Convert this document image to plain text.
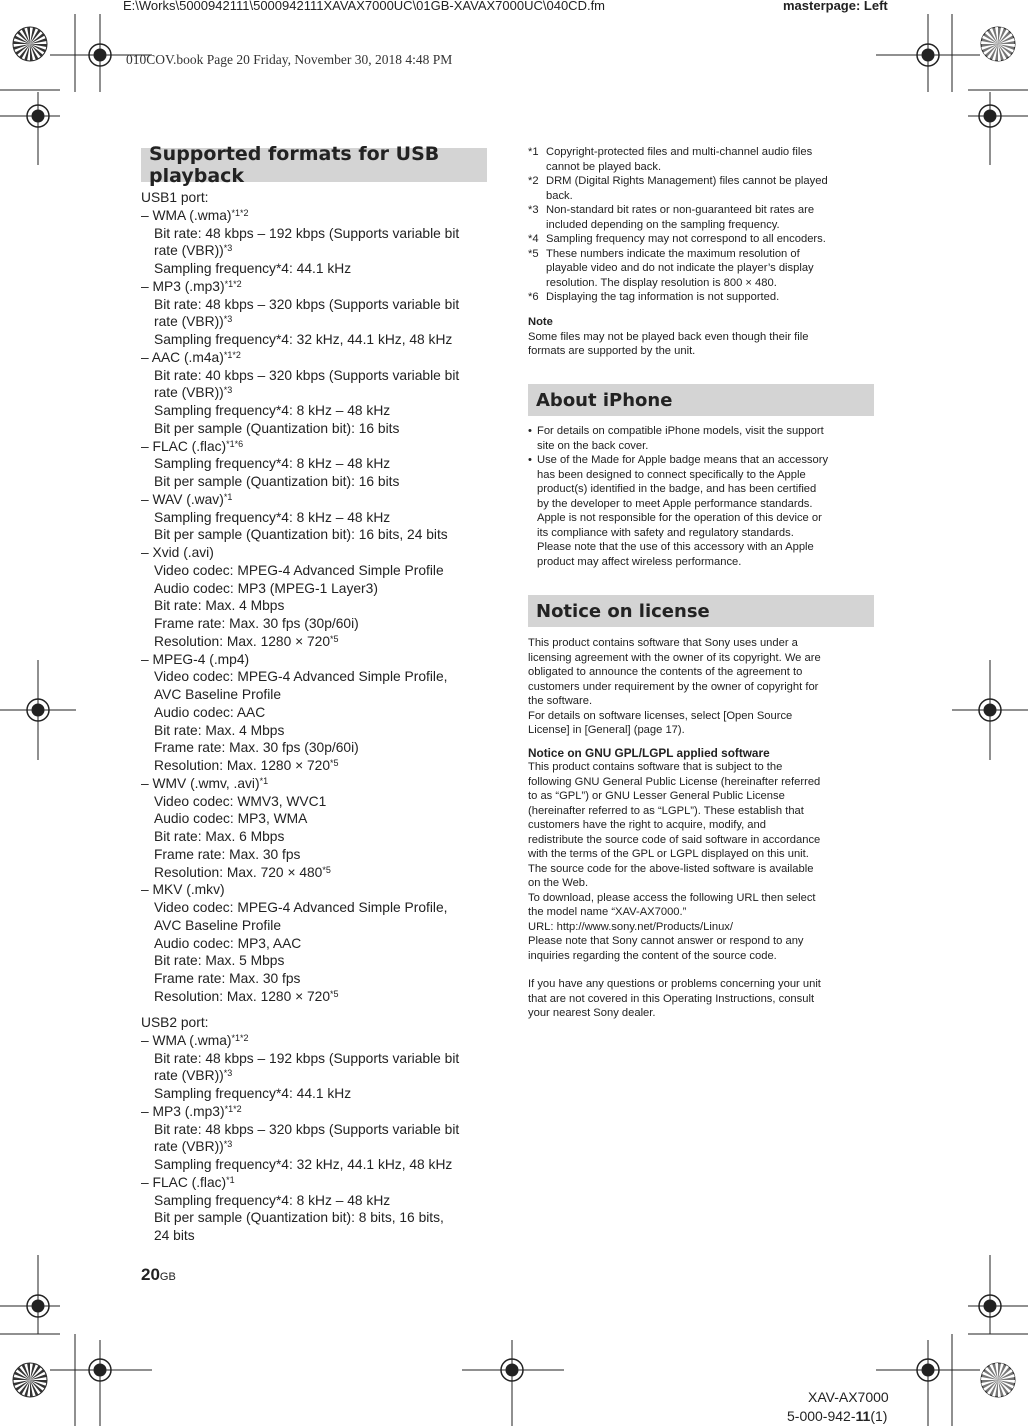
E:\Works\5000942111\5000942111XAVAX7000UC\01GB-XAVAX7000UC\040CD.fm	masterpage: Left
010COV.book Page 20 Friday, November 30, 2018 4:48 PM
Supported formats for USB playback
USB1 port:
– WMA $(.wma)^{*1*2}$
Bit rate: 48 kbps – 192 kbps (Supports variable bit
rate (VBR))$^{*3}$
Sampling frequency*4: 44.1 kHz
– MP3 $(.mp3)^{*1*2}$
Bit rate: 48 kbps – 320 kbps (Supports variable bit
rate (VBR))$^{*3}$
Sampling frequency*4: 32 kHz, 44.1 kHz, 48 kHz
– AAC $(.m4a)^{*1*2}$
Bit rate: 40 kbps – 320 kbps (Supports variable bit
rate (VBR))$^{*3}$
Sampling frequency*4: 8 kHz – 48 kHz
Bit per sample (Quantization bit): 16 bits
– FLAC (.flac)$^{*1*6}$
Sampling frequency*4: 8 kHz – 48 kHz
Bit per sample (Quantization bit): 16 bits
– WAV $(.wav)^{*1}$
Sampling frequency*4: 8 kHz – 48 kHz
Bit per sample (Quantization bit): 16 bits, 24 bits
– Xvid (.avi)
Video codec: MPEG-4 Advanced Simple Profile
Audio codec: MP3 (MPEG-1 Layer3)
Bit rate: Max. 4 Mbps
Frame rate: Max. 30 fps (30p/60i)
Resolution: Max. $1280 \times 720^{*5}$
– MPEG-4 (.mp4)
Video codec: MPEG-4 Advanced Simple Profile,
AVC Baseline Profile
Audio codec: AAC
Bit rate: Max. 4 Mbps
Frame rate: Max. 30 fps (30p/60i)
Resolution: Max. $1280 \times 720^{*5}$
– WMV (.wmv, .avi)$^{*1}$
Video codec: WMV3, WVC1
Audio codec: MP3, WMA
Bit rate: Max. 6 Mbps
Frame rate: Max. 30 fps
Resolution: Max. $720 \times 480^{*5}$
– MKV (.mkv)
Video codec: MPEG-4 Advanced Simple Profile,
AVC Baseline Profile
Audio codec: MP3, AAC
Bit rate: Max. 5 Mbps
Frame rate: Max. 30 fps
Resolution: Max. $1280 \times 720^{*5}$
USB2 port:
– WMA $(.wma)^{*1*2}$
Bit rate: 48 kbps – 192 kbps (Supports variable bit
rate (VBR))$^{*3}$
Sampling frequency*4: 44.1 kHz
– MP3 $(.mp3)^{*1*2}$
Bit rate: 48 kbps – 320 kbps (Supports variable bit
rate (VBR))$^{*3}$
Sampling frequency*4: 32 kHz, 44.1 kHz, 48 kHz
– FLAC (.flac)$^{*1}$
Sampling frequency*4: 8 kHz – 48 kHz
Bit per sample (Quantization bit): 8 bits, 16 bits,
24 bits
20GB
*1 Copyright-protected files and multi-channel audio files
cannot be played back.
*2 DRM (Digital Rights Management) files cannot be played
back.
*3 Non-standard bit rates or non-guaranteed bit rates are
included depending on the sampling frequency.
*4 Sampling frequency may not correspond to all encoders.
*5 These numbers indicate the maximum resolution of
playable video and do not indicate the player’s display
resolution. The display resolution is 800 × 480.
*6 Displaying the tag information is not supported.
Note
Some files may not be played back even though their file
formats are supported by the unit.
About iPhone
• For details on compatible iPhone models, visit the support
site on the back cover.
• Use of the Made for Apple badge means that an accessory
has been designed to connect specifically to the Apple
product(s) identified in the badge, and has been certified
by the developer to meet Apple performance standards.
Apple is not responsible for the operation of this device or
its compliance with safety and regulatory standards.
Please note that the use of this accessory with an Apple
product may affect wireless performance.
Notice on license
This product contains software that Sony uses under a
licensing agreement with the owner of its copyright. We are
obligated to announce the contents of the agreement to
customers under requirement by the owner of copyright for
the software.
For details on software licenses, select [Open Source
License] in [General] (page 17).
Notice on GNU GPL/LGPL applied software
This product contains software that is subject to the
following GNU General Public License (hereinafter referred
to as “GPL”) or GNU Lesser General Public License
(hereinafter referred to as “LGPL”). These establish that
customers have the right to acquire, modify, and
redistribute the source code of said software in accordance
with the terms of the GPL or LGPL displayed on this unit.
The source code for the above-listed software is available
on the Web.
To download, please access the following URL then select
the model name “XAV-AX7000.”
URL: http://www.sony.net/Products/Linux/
Please note that Sony cannot answer or respond to any
inquiries regarding the content of the source code.
If you have any questions or problems concerning your unit
that are not covered in this Operating Instructions, consult
your nearest Sony dealer.
XAV-AX7000
5-000-942-11(1)
